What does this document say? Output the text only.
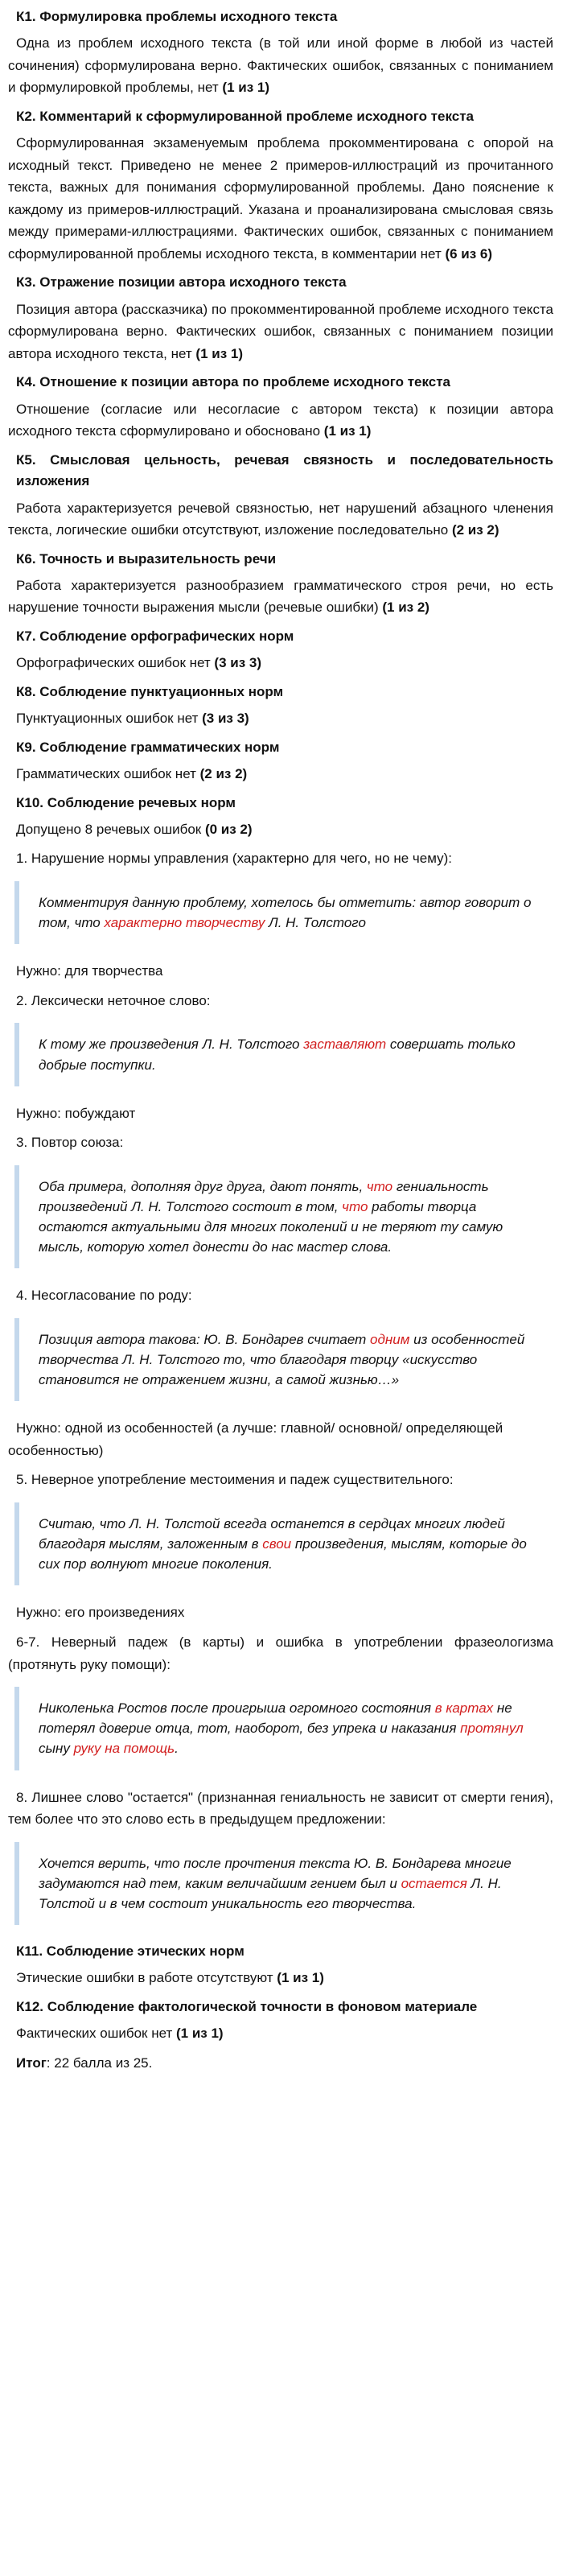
К1. Формулировка проблемы исходного текста

Одна из проблем исходного текста (в той или иной форме в любой из частей сочинения) сформулирована верно. Фактических ошибок, связанных с пониманием и формулировкой проблемы, нет (1 из 1)

К2. Комментарий к сформулированной проблеме исходного текста

Сформулированная экзаменуемым проблема прокомментирована с опорой на исходный текст. Приведено не менее 2 примеров-иллюстраций из прочитанного текста, важных для понимания сформулированной проблемы. Дано пояснение к каждому из примеров-иллюстраций. Указана и проанализирована смысловая связь между примерами-иллюстрациями. Фактических ошибок, связанных с пониманием сформулированной проблемы исходного текста, в комментарии нет (6 из 6)

К3. Отражение позиции автора исходного текста

Позиция автора (рассказчика) по прокомментированной проблеме исходного текста сформулирована верно. Фактических ошибок, связанных с пониманием позиции автора исходного текста, нет (1 из 1)

К4. Отношение к позиции автора по проблеме исходного текста

Отношение (согласие или несогласие с автором текста) к позиции автора исходного текста сформулировано и обосновано (1 из 1)

К5. Смысловая цельность, речевая связность и последовательность изложения

Работа характеризуется речевой связностью, нет нарушений абзацного членения текста, логические ошибки отсутствуют, изложение последовательно (2 из 2)

К6. Точность и выразительность речи

Работа характеризуется разнообразием грамматического строя речи, но есть нарушение точности выражения мысли (речевые ошибки) (1 из 2)

К7. Соблюдение орфографических норм

Орфографических ошибок нет (3 из 3)

К8. Соблюдение пунктуационных норм

Пунктуационных ошибок нет (3 из 3)

К9. Соблюдение грамматических норм

Грамматических ошибок нет (2 из 2)

К10. Соблюдение речевых норм

Допущено 8 речевых ошибок (0 из 2)

1. Нарушение нормы управления (характерно для чего, но не чему):

Комментируя данную проблему, хотелось бы отметить: автор говорит о том, что характерно творчеству Л. Н. Толстого

Нужно: для творчества

2. Лексически неточное слово:

К тому же произведения Л. Н. Толстого заставляют совершать только добрые поступки.

Нужно: побуждают

3. Повтор союза:

Оба примера, дополняя друг друга, дают понять, что гениальность произведений Л. Н. Толстого состоит в том, что работы творца остаются актуальными для многих поколений и не теряют ту самую мысль, которую хотел донести до нас мастер слова.

4. Несогласование по роду:

Позиция автора такова: Ю. В. Бондарев считает одним из особенностей творчества Л. Н. Толстого то, что благодаря творцу «искусство становится не отражением жизни, а самой жизнью…»

Нужно: одной из особенностей (а лучше: главной/ основной/ определяющей особенностью)

5. Неверное употребление местоимения и падеж существительного:

Считаю, что Л. Н. Толстой всегда останется в сердцах многих людей благодаря мыслям, заложенным в свои произведения, мыслям, которые до сих пор волнуют многие поколения.

Нужно: его произведениях

6-7. Неверный падеж (в карты) и ошибка в употреблении фразеологизма (протянуть руку помощи):

Николенька Ростов после проигрыша огромного состояния в картах не потерял доверие отца, тот, наоборот, без упрека и наказания протянул сыну руку на помощь.

8. Лишнее слово "остается" (признанная гениальность не зависит от смерти гения), тем более что это слово есть в предыдущем предложении:

Хочется верить, что после прочтения текста Ю. В. Бондарева многие задумаются над тем, каким величайшим гением был и остается Л. Н. Толстой и в чем состоит уникальность его творчества.
К11. Соблюдение этических норм

Этические ошибки в работе отсутствуют (1 из 1)

К12. Соблюдение фактологической точности в фоновом материале

Фактических ошибок нет (1 из 1)

Итог: 22 балла из 25.
